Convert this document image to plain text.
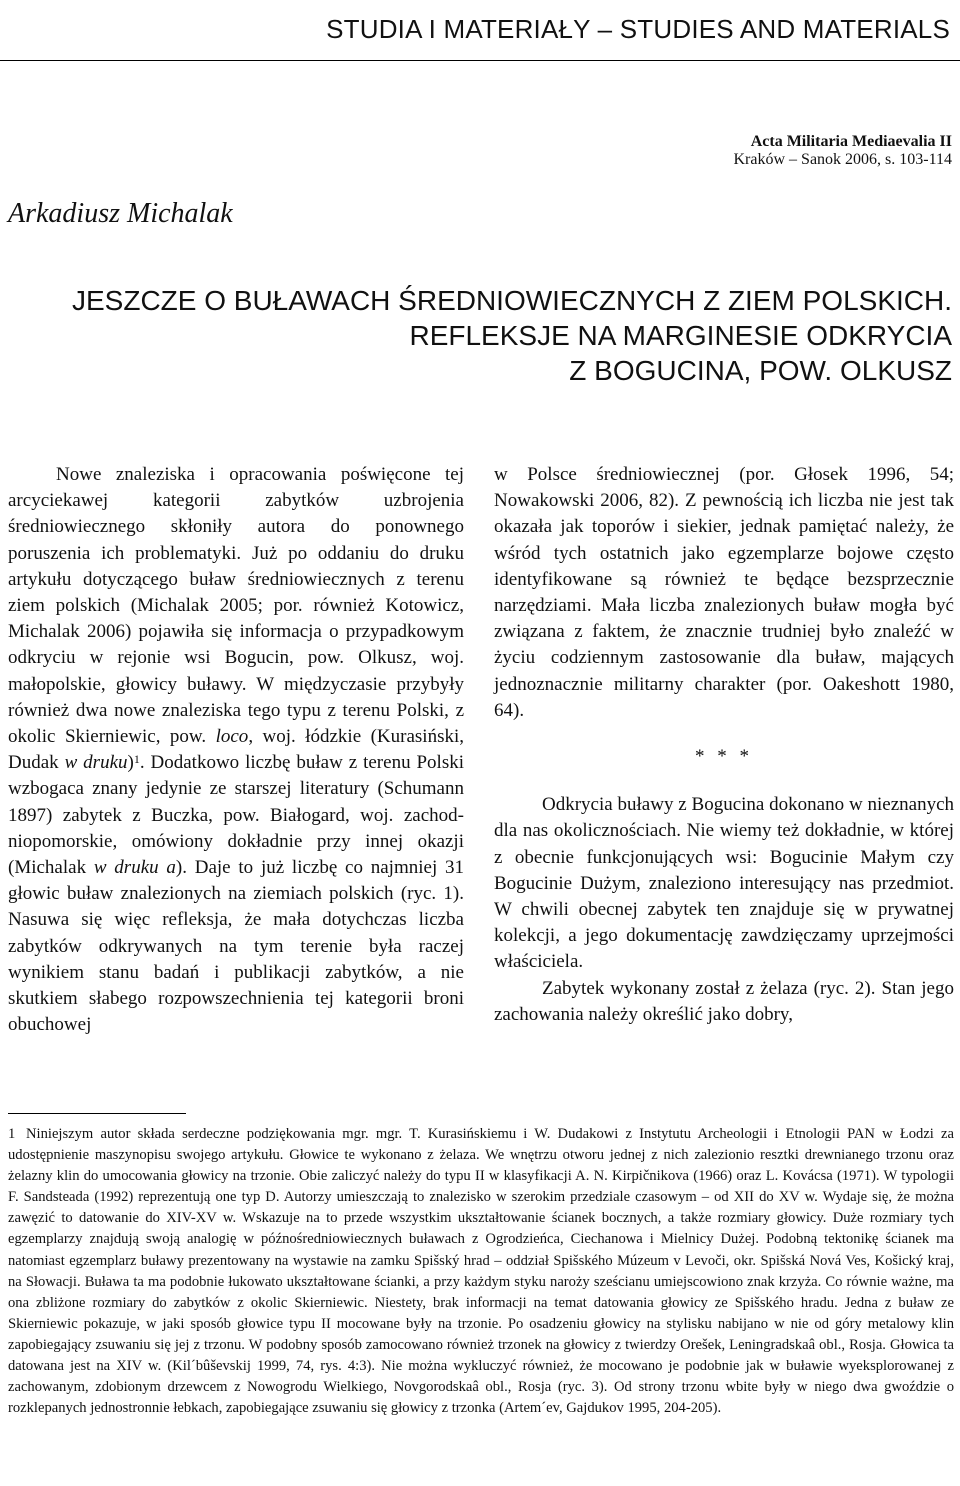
STUDIA I MATERIAŁY – STUDIES AND MATERIALS
Acta Militaria Mediaevalia II
Kraków – Sanok 2006, s. 103-114
Arkadiusz Michalak
JESZCZE O BUŁAWACH ŚREDNIOWIECZNYCH Z ZIEM POLSKICH.
REFLEKSJE NA MARGINESIE ODKRYCIA
Z BOGUCINA, POW. OLKUSZ

Nowe znaleziska i opracowania poświęcone tej arcyciekawej kategorii zabytków uzbrojenia średniowiecznego skłoniły autora do ponownego poruszenia ich problematyki. Już po oddaniu do druku artykułu dotyczącego buław średniowiecznych z terenu ziem polskich (Michalak 2005; por. również Kotowicz, Michalak 2006) pojawiła się informacja o przypadkowym odkryciu w rejonie wsi Bogucin, pow. Olkusz, woj. małopolskie, głowicy buławy. W międzyczasie przybyły również dwa nowe znaleziska tego typu z terenu Polski, z okolic Skierniewic, pow. loco, woj. łódzkie (Kurasiński, Dudak w druku)$^1$. Dodatkowo liczbę buław z terenu Polski wzbogaca znany jedynie ze starszej literatury (Schumann 1897) zabytek z Buczka, pow. Białogard, woj. zachodniopomorskie, omówiony dokładnie przy innej okazji (Michalak w druku a). Daje to już liczbę co najmniej 31 głowic buław znalezionych na ziemiach polskich (ryc. 1). Nasuwa się więc refleksja, że mała dotychczas liczba zabytków odkrywanych na tym terenie była raczej wynikiem stanu badań i publikacji zabytków, a nie skutkiem słabego rozpowszechnienia tej kategorii broni obuchowej

w Polsce średniowiecznej (por. Głosek 1996, 54; Nowakowski 2006, 82). Z pewnością ich liczba nie jest tak okazała jak toporów i siekier, jednak pamiętać należy, że wśród tych ostatnich jako egzemplarze bojowe często identyfikowane są również te będące bezsprzecznie narzędziami. Mała liczba znalezionych buław mogła być związana z faktem, że znacznie trudniej było znaleźć w życiu codziennym zastosowanie dla buław, mających jednoznacznie militarny charakter (por. Oakeshott 1980, 64).

* * *

Odkrycia buławy z Bogucina dokonano w nieznanych dla nas okolicznościach. Nie wiemy też dokładnie, w której z obecnie funkcjonujących wsi: Bogucinie Małym czy Bogucinie Dużym, znaleziono interesujący nas przedmiot. W chwili obecnej zabytek ten znajduje się w prywatnej kolekcji, a jego dokumentację zawdzięczamy uprzejmości właściciela.

Zabytek wykonany został z żelaza (ryc. 2). Stan jego zachowania należy określić jako dobry,

1 Niniejszym autor składa serdeczne podziękowania mgr. mgr. T. Kurasińskiemu i W. Dudakowi z Instytutu Archeologii i Etnologii PAN w Łodzi za udostępnienie maszynopisu swojego artykułu. Głowice te wykonano z żelaza. We wnętrzu otworu jednej z nich zalezionio resztki drewnianego trzonu oraz żelazny klin do umocowania głowicy na trzonie. Obie zaliczyć należy do typu II w klasyfikacji A. N. Kirpičnikova (1966) oraz L. Kovácsa (1971). W typologii F. Sandsteada (1992) reprezentują one typ D. Autorzy umieszczają to znalezisko w szerokim przedziale czasowym – od XII do XV w. Wydaje się, że można zawęzić to datowanie do XIV-XV w. Wskazuje na to przede wszystkim ukształtowanie ścianek bocznych, a także rozmiary głowicy. Duże rozmiary tych egzemplarzy znajdują swoją analogię w późnośredniowiecznych buławach z Ogrodzieńca, Ciechanowa i Mielnicy Dużej. Podobną tektonikę ścianek ma natomiast egzemplarz buławy prezentowany na wystawie na zamku Spišský hrad – oddział Spišského Múzeum v Levoči, okr. Spišská Nová Ves, Košický kraj, na Słowacji. Buława ta ma podobnie łukowato ukształtowane ścianki, a przy każdym styku naroży sześcianu umiejscowiono znak krzyża. Co równie ważne, ma ona zbliżone rozmiary do zabytków z okolic Skierniewic. Niestety, brak informacji na temat datowania głowicy ze Spišského hradu. Jedna z buław ze Skierniewic pokazuje, w jaki sposób głowice typu II mocowane były na trzonie. Po osadzeniu głowicy na stylisku nabijano w nie od góry metalowy klin zapobiegający zsuwaniu się jej z trzonu. W podobny sposób zamocowano również trzonek na głowicy z twierdzy Orešek, Leningradskaâ obl., Rosja. Głowica ta datowana jest na XIV w. (Kil´bûševskij 1999, 74, rys. 4:3). Nie można wykluczyć również, że mocowano je podobnie jak w buławie wyeksplorowanej z zachowanym, zdobionym drzewcem z Nowogrodu Wielkiego, Novgorodskaâ obl., Rosja (ryc. 3). Od strony trzonu wbite były w niego dwa gwoździe o rozklepanych jednostronnie łebkach, zapobiegające zsuwaniu się głowicy z trzonka (Artem´ev, Gajdukov 1995, 204-205).
